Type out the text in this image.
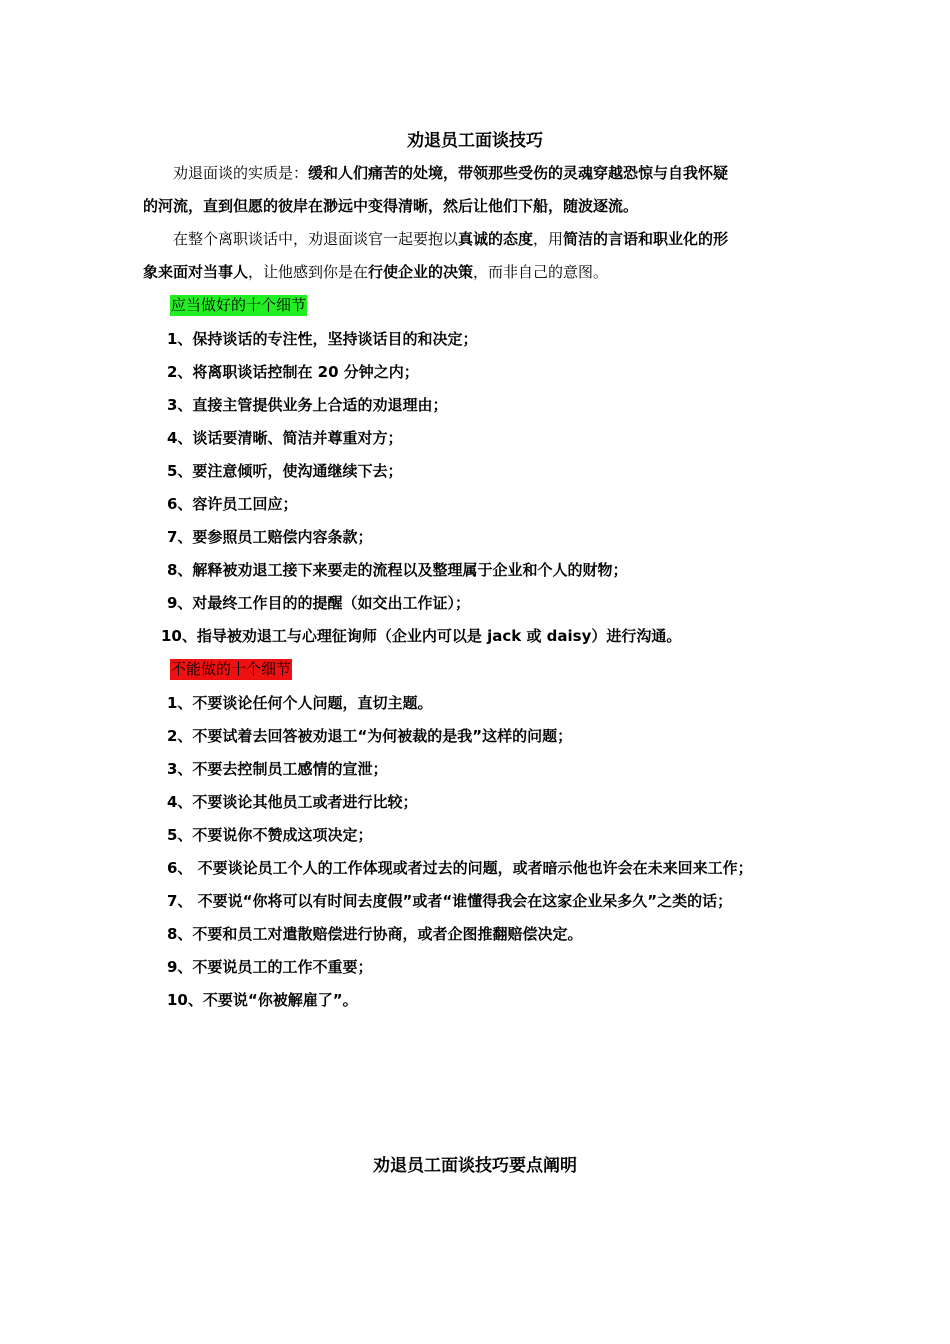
劝退员工面谈技巧
劝退面谈的实质是：缓和人们痛苦的处境，带领那些受伤的灵魂穿越恐惊与自我怀疑
的河流，直到但愿的彼岸在渺远中变得清晰，然后让他们下船，随波逐流。
在整个离职谈话中，劝退面谈官一起要抱以真诚的态度，用简洁的言语和职业化的形
象来面对当事人，让他感到你是在行使企业的决策，而非自己的意图。
应当做好的十个细节
1、保持谈话的专注性，坚持谈话目的和决定；
2、将离职谈话控制在 20 分钟之内；
3、直接主管提供业务上合适的劝退理由；
4、谈话要清晰、简洁并尊重对方；
5、要注意倾听，使沟通继续下去；
6、容许员工回应；
7、要参照员工赔偿内容条款；
8、解释被劝退工接下来要走的流程以及整理属于企业和个人的财物；
9、对最终工作目的的提醒（如交出工作证）；
10、指导被劝退工与心理征询师（企业内可以是 jack 或 daisy）进行沟通。
不能做的十个细节
1、不要谈论任何个人问题，直切主题。
2、不要试着去回答被劝退工“为何被裁的是我”这样的问题；
3、不要去控制员工感情的宣泄；
4、不要谈论其他员工或者进行比较；
5、不要说你不赞成这项决定；
6、 不要谈论员工个人的工作体现或者过去的问题，或者暗示他也许会在未来回来工作；
7、 不要说“你将可以有时间去度假”或者“谁懂得我会在这家企业呆多久”之类的话；
8、不要和员工对遣散赔偿进行协商，或者企图推翻赔偿决定。
9、不要说员工的工作不重要；
10、不要说“你被解雇了”。
劝退员工面谈技巧要点阐明
